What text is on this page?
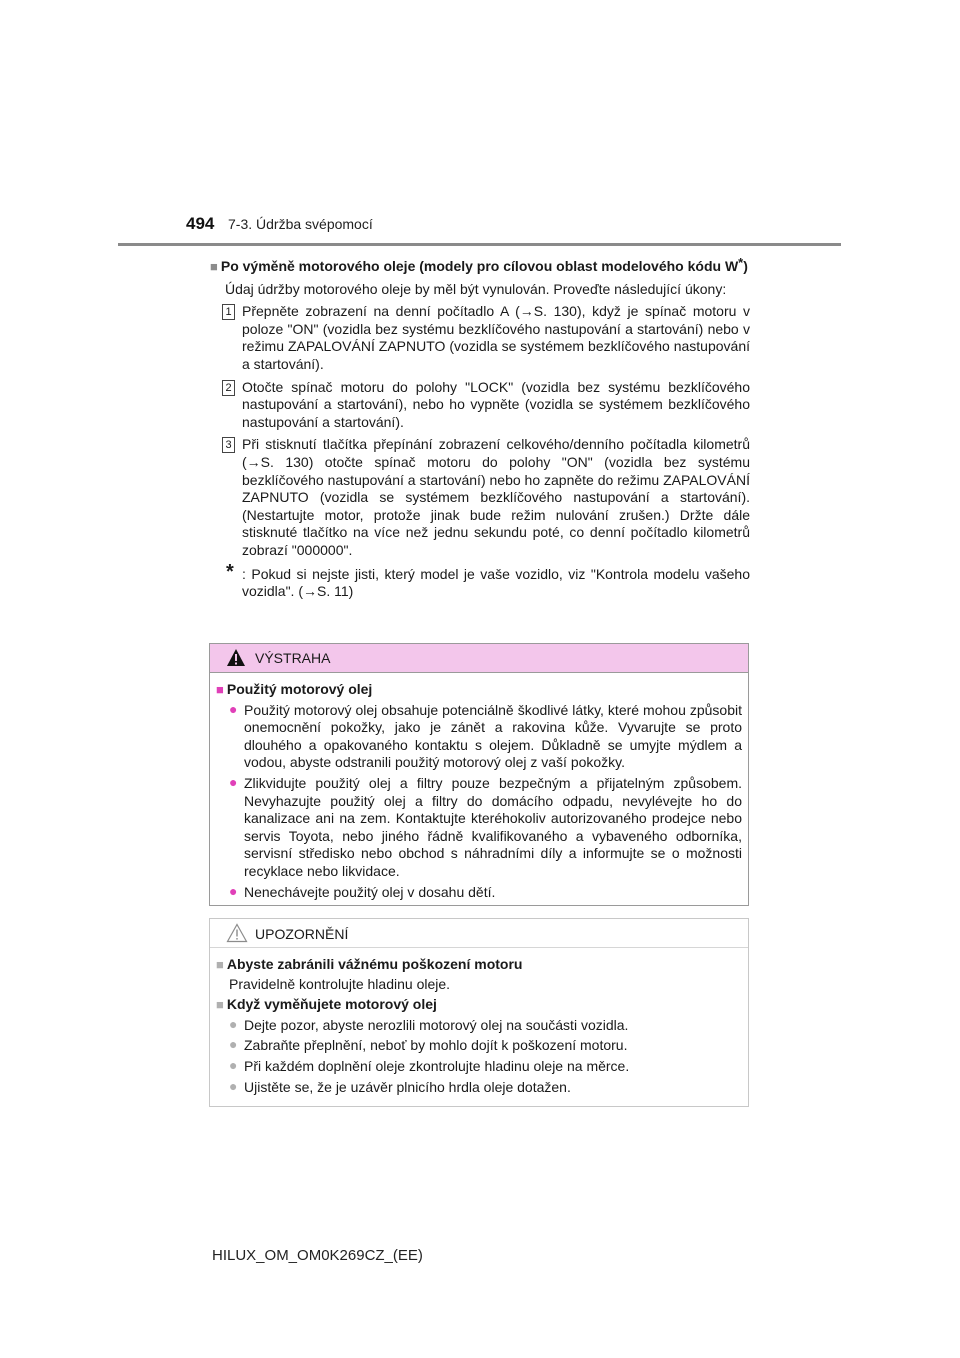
494 7-3. Údržba svépomocí

■ Po výměně motorového oleje (modely pro cílovou oblast modelového kódu W*)

Údaj údržby motorového oleje by měl být vynulován. Proveďte následující úkony:
1 Přepněte zobrazení na denní počítadlo A (→S. 130), když je spínač motoru v poloze "ON" (vozidla bez systému bezklíčového nastupování a startování) nebo v režimu ZAPALOVÁNÍ ZAPNUTO (vozidla se systémem bezklíčového nastupování a startování).
2 Otočte spínač motoru do polohy "LOCK" (vozidla bez systému bezklíčového nastupování a startování), nebo ho vypněte (vozidla se systémem bezklíčového nastupování a startování).
3 Při stisknutí tlačítka přepínání zobrazení celkového/denního počítadla kilometrů (→S. 130) otočte spínač motoru do polohy "ON" (vozidla bez systému bezklíčového nastupování a startování) nebo ho zapněte do režimu ZAPALOVÁNÍ ZAPNUTO (vozidla se systémem bezklíčového nastupování a startování). (Nestartujte motor, protože jinak bude režim nulování zrušen.) Držte dále stisknuté tlačítko na více než jednu sekundu poté, co denní počítadlo kilometrů zobrazí "000000".
* : Pokud si nejste jisti, který model je vaše vozidlo, viz "Kontrola modelu vašeho vozidla". (→S. 11)
VÝSTRAHA
■ Použitý motorový olej
● Použitý motorový olej obsahuje potenciálně škodlivé látky, které mohou způsobit onemocnění pokožky, jako je zánět a rakovina kůže. Vyvarujte se proto dlouhého a opakovaného kontaktu s olejem. Důkladně se umyjte mýdlem a vodou, abyste odstranili použitý motorový olej z vaší pokožky.
● Zlikvidujte použitý olej a filtry pouze bezpečným a přijatelným způsobem. Nevyhazujte použitý olej a filtry do domácího odpadu, nevylévejte ho do kanalizace ani na zem. Kontaktujte kteréhokoliv autorizovaného prodejce nebo servis Toyota, nebo jiného řádně kvalifikovaného a vybaveného odborníka, servisní středisko nebo obchod s náhradními díly a informujte se o možnosti recyklace nebo likvidace.
● Nenechávejte použitý olej v dosahu dětí.
UPOZORNĚNÍ
■ Abyste zabránili vážnému poškození motoru
Pravidelně kontrolujte hladinu oleje.
■ Když vyměňujete motorový olej
● Dejte pozor, abyste nerozlili motorový olej na součásti vozidla.
● Zabraňte přeplnění, neboť by mohlo dojít k poškození motoru.
● Při každém doplnění oleje zkontrolujte hladinu oleje na měrce.
● Ujistěte se, že je uzávěr plnicího hrdla oleje dotažen.
HILUX_OM_OM0K269CZ_(EE)
